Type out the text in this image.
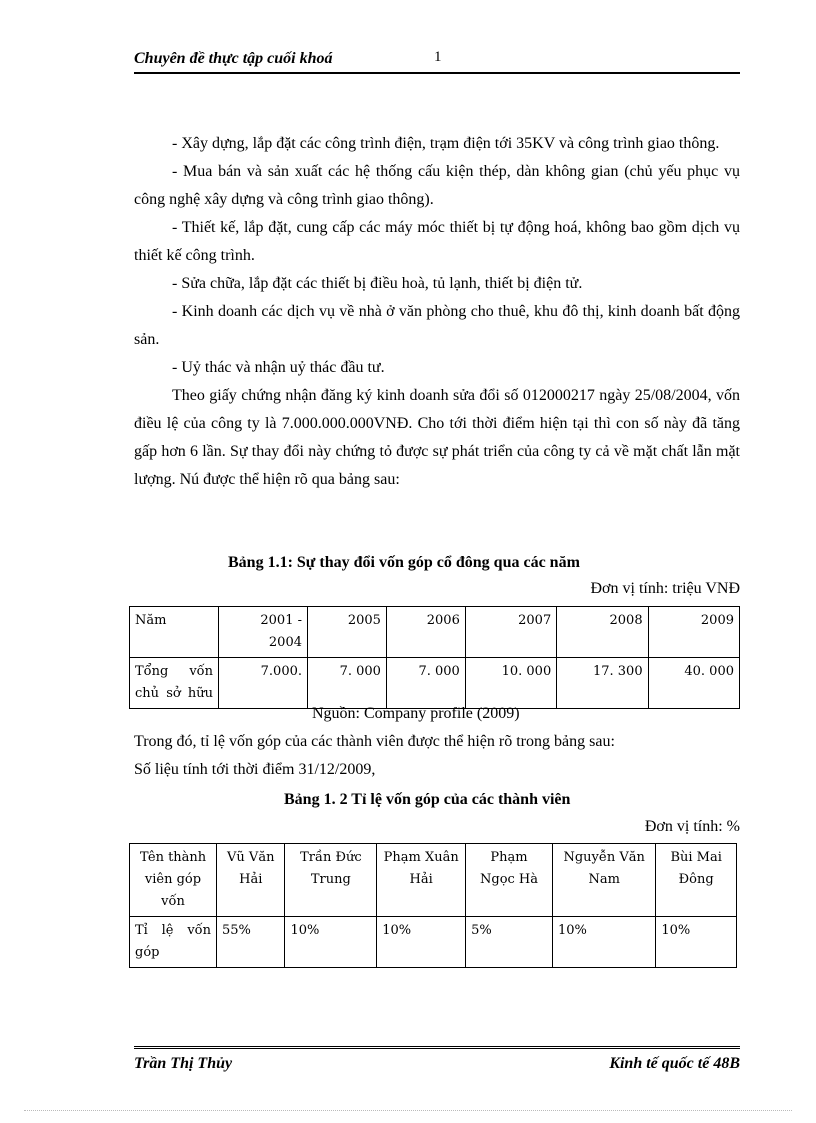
Chuyên đề thực tập cuối khoá	1

- Xây dựng, lắp đặt các công trình điện, trạm điện tới 35KV và công trình giao thông.

- Mua bán và sản xuất các hệ thống cấu kiện thép, dàn không gian (chủ yếu phục vụ công nghệ xây dựng và công trình giao thông).

- Thiết kế, lắp đặt, cung cấp các máy móc thiết bị tự động hoá, không bao gồm dịch vụ thiết kế công trình.

- Sửa chữa, lắp đặt các thiết bị điều hoà, tủ lạnh, thiết bị điện tử.

- Kinh doanh các dịch vụ về nhà ở văn phòng cho thuê, khu đô thị, kinh doanh bất động sản.

- Uỷ thác và nhận uỷ thác đầu tư.

Theo giấy chứng nhận đăng ký kinh doanh sửa đổi số 012000217 ngày 25/08/2004, vốn điều lệ của công ty là 7.000.000.000VNĐ. Cho tới thời điểm hiện tại thì con số này đã tăng gấp hơn 6 lần. Sự thay đổi này chứng tỏ được sự phát triển của công ty cả về mặt chất lẫn mặt lượng. Nú được thể hiện rõ qua bảng sau:

Bảng 1.1: Sự thay đổi vốn góp cổ đông qua các năm
Đơn vị tính: triệu VNĐ
Năm	2001 - 2004	2005	2006	2007	2008	2009
Tổng vốn chủ sở hữu	7.000.	7. 000	7. 000	10. 000	17. 300	40. 000
Nguồn: Company profile (2009)
Trong đó, tỉ lệ vốn góp của các thành viên được thể hiện rõ trong bảng sau:
Số liệu tính tới thời điểm 31/12/2009,
Bảng 1. 2 Tỉ lệ vốn góp của các thành viên
Đơn vị tính: %
Tên thành viên góp vốn	Vũ Văn Hải	Trần Đức Trung	Phạm Xuân Hải	Phạm Ngọc Hà	Nguyễn Văn Nam	Bùi Mai Đông
Tỉ lệ vốn góp	55%	10%	10%	5%	10%	10%
Trần Thị Thủy	Kinh tế quốc tế 48B
